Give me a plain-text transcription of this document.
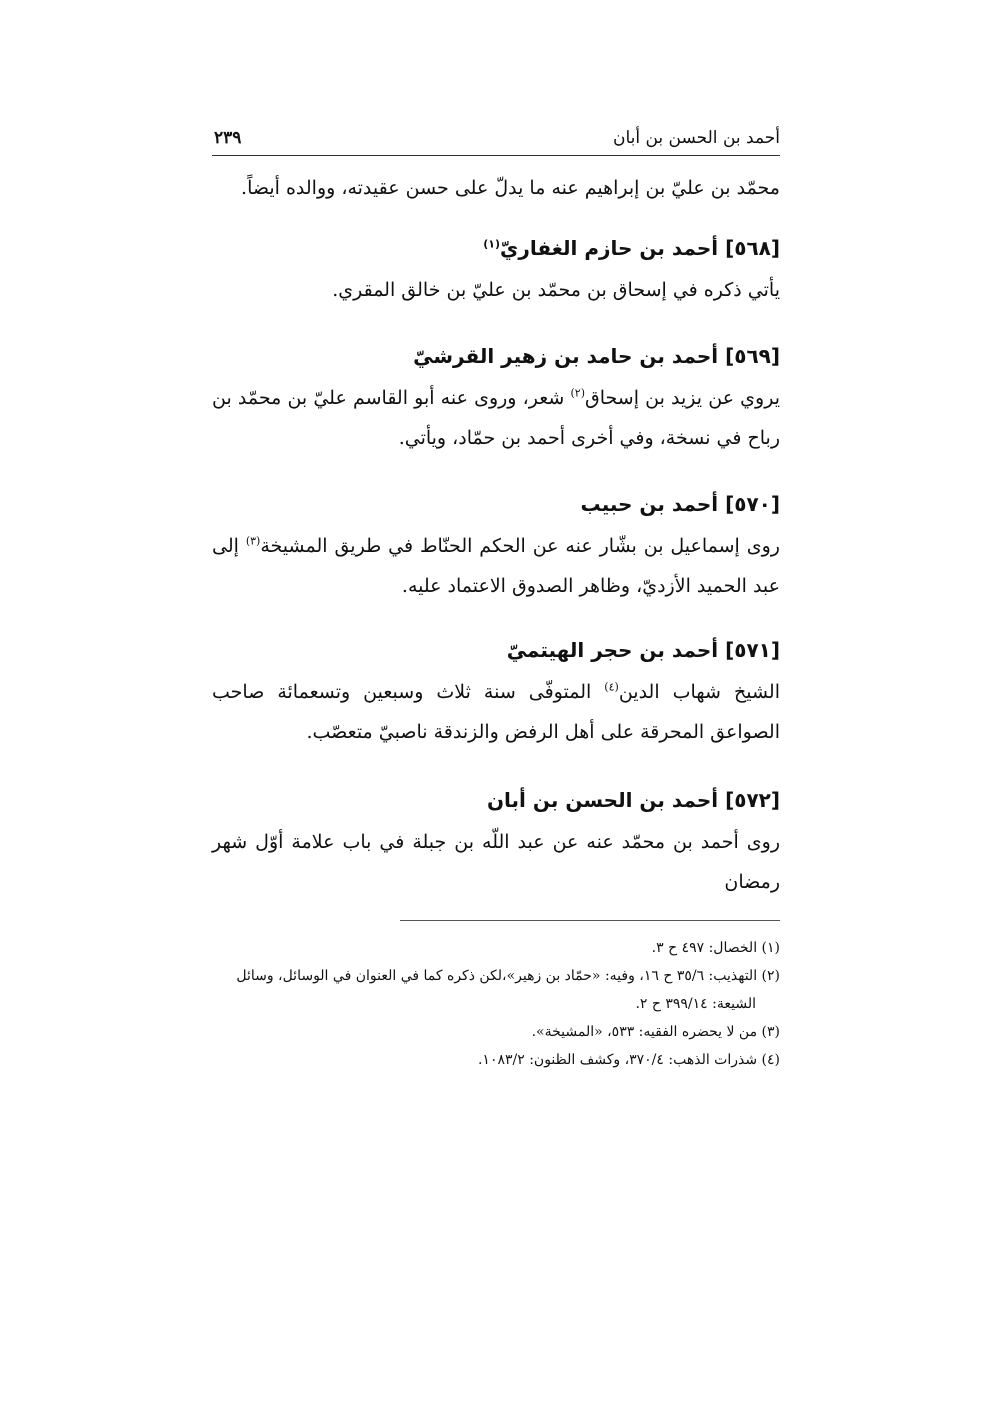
أحمد بن الحسن بن أبان
٢٣٩

محمّد بن عليّ بن إبراهيم عنه ما يدلّ على حسن عقيدته، ووالده أيضاً.

[٥٦٨] أحمد بن حازم الغفاريّ$^{(١)}$

يأتي ذكره في إسحاق بن محمّد بن عليّ بن خالق المقري.

[٥٦٩] أحمد بن حامد بن زهير القرشيّ

يروي عن يزيد بن إسحاق$^{(٢)}$ شعر، وروى عنه أبو القاسم عليّ بن محمّد بن رباح في نسخة، وفي أخرى أحمد بن حمّاد، ويأتي.

[٥٧٠] أحمد بن حبيب

روى إسماعيل بن بشّار عنه عن الحكم الحنّاط في طريق المشيخة$^{(٣)}$ إلى عبد الحميد الأزديّ، وظاهر الصدوق الاعتماد عليه.

[٥٧١] أحمد بن حجر الهيتميّ

الشيخ شهاب الدين$^{(٤)}$ المتوفّى سنة ثلاث وسبعين وتسعمائة صاحب الصواعق المحرقة على أهل الرفض والزندقة ناصبيّ متعصّب.

[٥٧٢] أحمد بن الحسن بن أبان

روى أحمد بن محمّد عنه عن عبد اللّه بن جبلة في باب علامة أوّل شهر رمضان

(١) الخصال: ٤٩٧ ح ٣.

(٢) التهذيب: ٣٥/٦ ح ١٦، وفيه: «حمّاد بن زهير»،لكن ذكره كما في العنوان في الوسائل، وسائل

الشيعة: ٣٩٩/١٤ ح ٢.

(٣) من لا يحضره الفقيه: ٥٣٣، «المشيخة».

(٤) شذرات الذهب: ٣٧٠/٤، وكشف الظنون: ١٠٨٣/٢.
